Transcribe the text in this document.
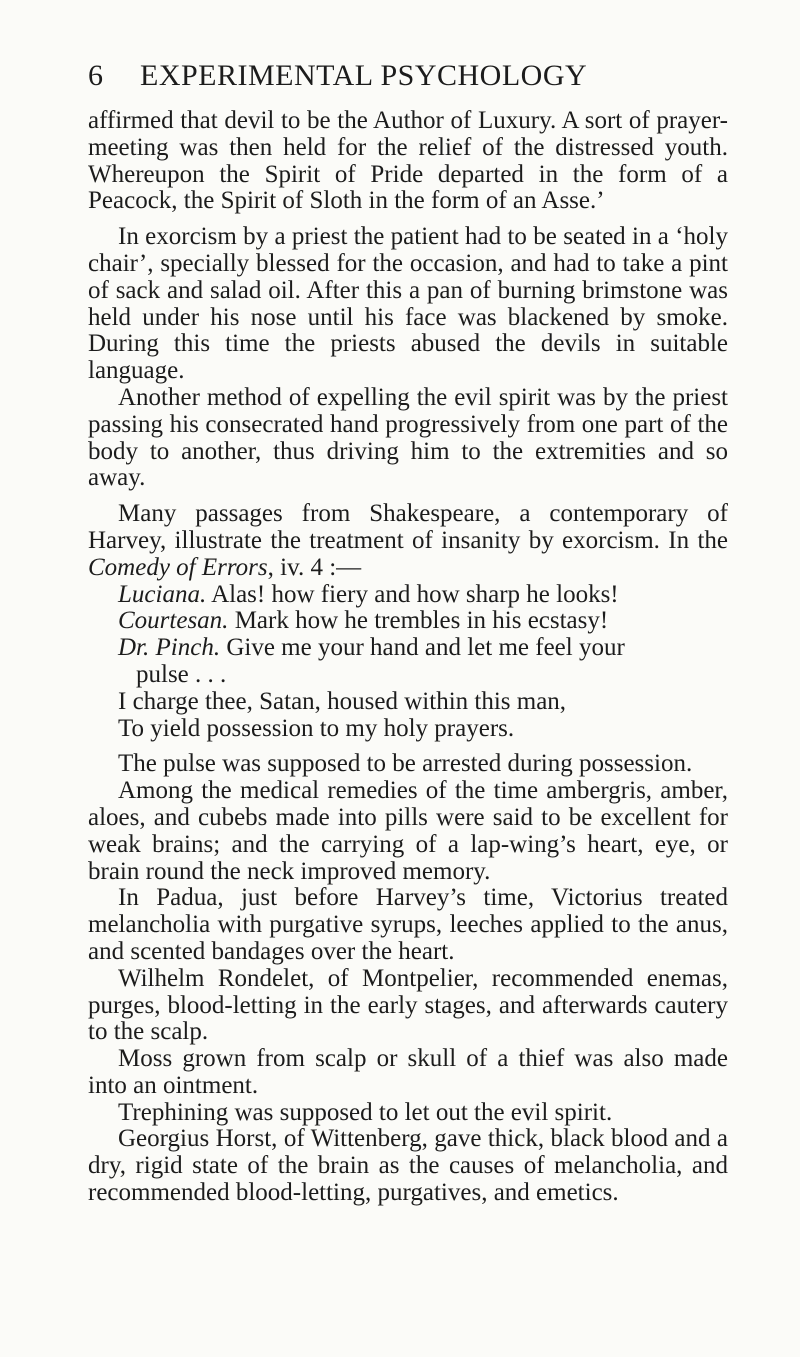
6	EXPERIMENTAL PSYCHOLOGY

affirmed that devil to be the Author of Luxury. A sort of prayer-meeting was then held for the relief of the distressed youth. Whereupon the Spirit of Pride departed in the form of a Peacock, the Spirit of Sloth in the form of an Asse.’

In exorcism by a priest the patient had to be seated in a ‘holy chair’, specially blessed for the occasion, and had to take a pint of sack and salad oil. After this a pan of burning brimstone was held under his nose until his face was blackened by smoke. During this time the priests abused the devils in suitable language.

Another method of expelling the evil spirit was by the priest passing his consecrated hand progressively from one part of the body to another, thus driving him to the extremities and so away.

Many passages from Shakespeare, a contemporary of Harvey, illustrate the treatment of insanity by exorcism. In the Comedy of Errors, iv. 4 :—

Luciana. Alas! how fiery and how sharp he looks!
Courtesan. Mark how he trembles in his ecstasy!
Dr. Pinch. Give me your hand and let me feel your
pulse . . .
I charge thee, Satan, housed within this man,
To yield possession to my holy prayers.

The pulse was supposed to be arrested during possession.

Among the medical remedies of the time ambergris, amber, aloes, and cubebs made into pills were said to be excellent for weak brains; and the carrying of a lap-wing’s heart, eye, or brain round the neck improved memory.

In Padua, just before Harvey’s time, Victorius treated melancholia with purgative syrups, leeches applied to the anus, and scented bandages over the heart.

Wilhelm Rondelet, of Montpelier, recommended enemas, purges, blood-letting in the early stages, and afterwards cautery to the scalp.

Moss grown from scalp or skull of a thief was also made into an ointment.

Trephining was supposed to let out the evil spirit.

Georgius Horst, of Wittenberg, gave thick, black blood and a dry, rigid state of the brain as the causes of melancholia, and recommended blood-letting, purgatives, and emetics.
